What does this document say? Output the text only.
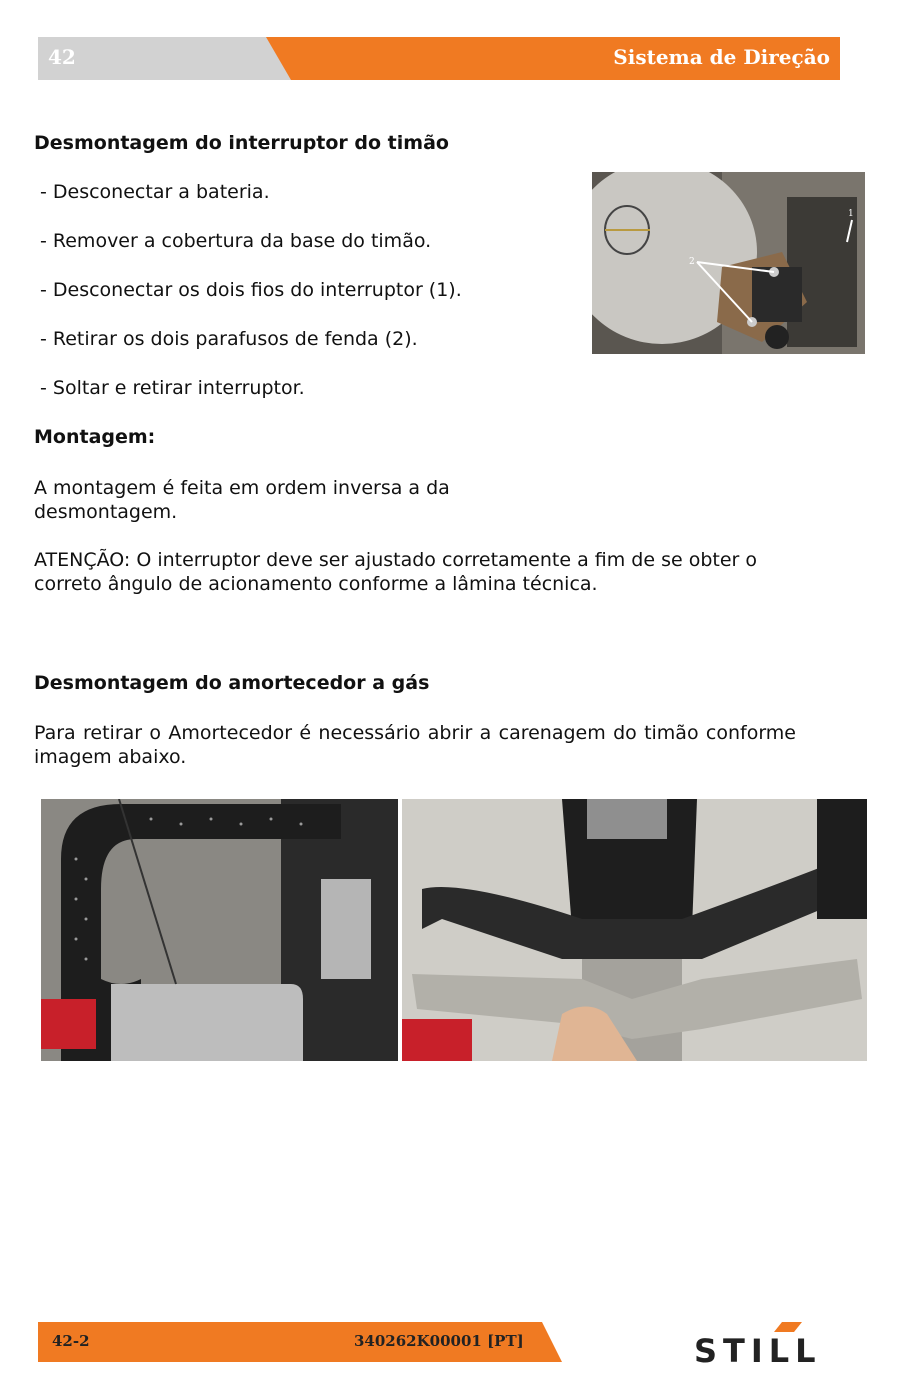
42	Sistema de Direção
Desmontagem do interruptor do timão

- Desconectar a bateria.

- Remover a cobertura da base do timão.

- Desconectar os dois fios do interruptor (1).

- Retirar os dois parafusos de fenda (2).

- Soltar e retirar interruptor.

2
1
Montagem:

A montagem é feita em ordem inversa a da desmontagem.

ATENÇÃO: O interruptor deve ser ajustado corretamente a fim de se obter o correto ângulo de acionamento conforme a lâmina técnica.

Desmontagem do amortecedor a gás

Para retirar o Amortecedor é necessário abrir a carenagem do timão conforme imagem abaixo.

42-2	340262K00001 [PT]	STILL
